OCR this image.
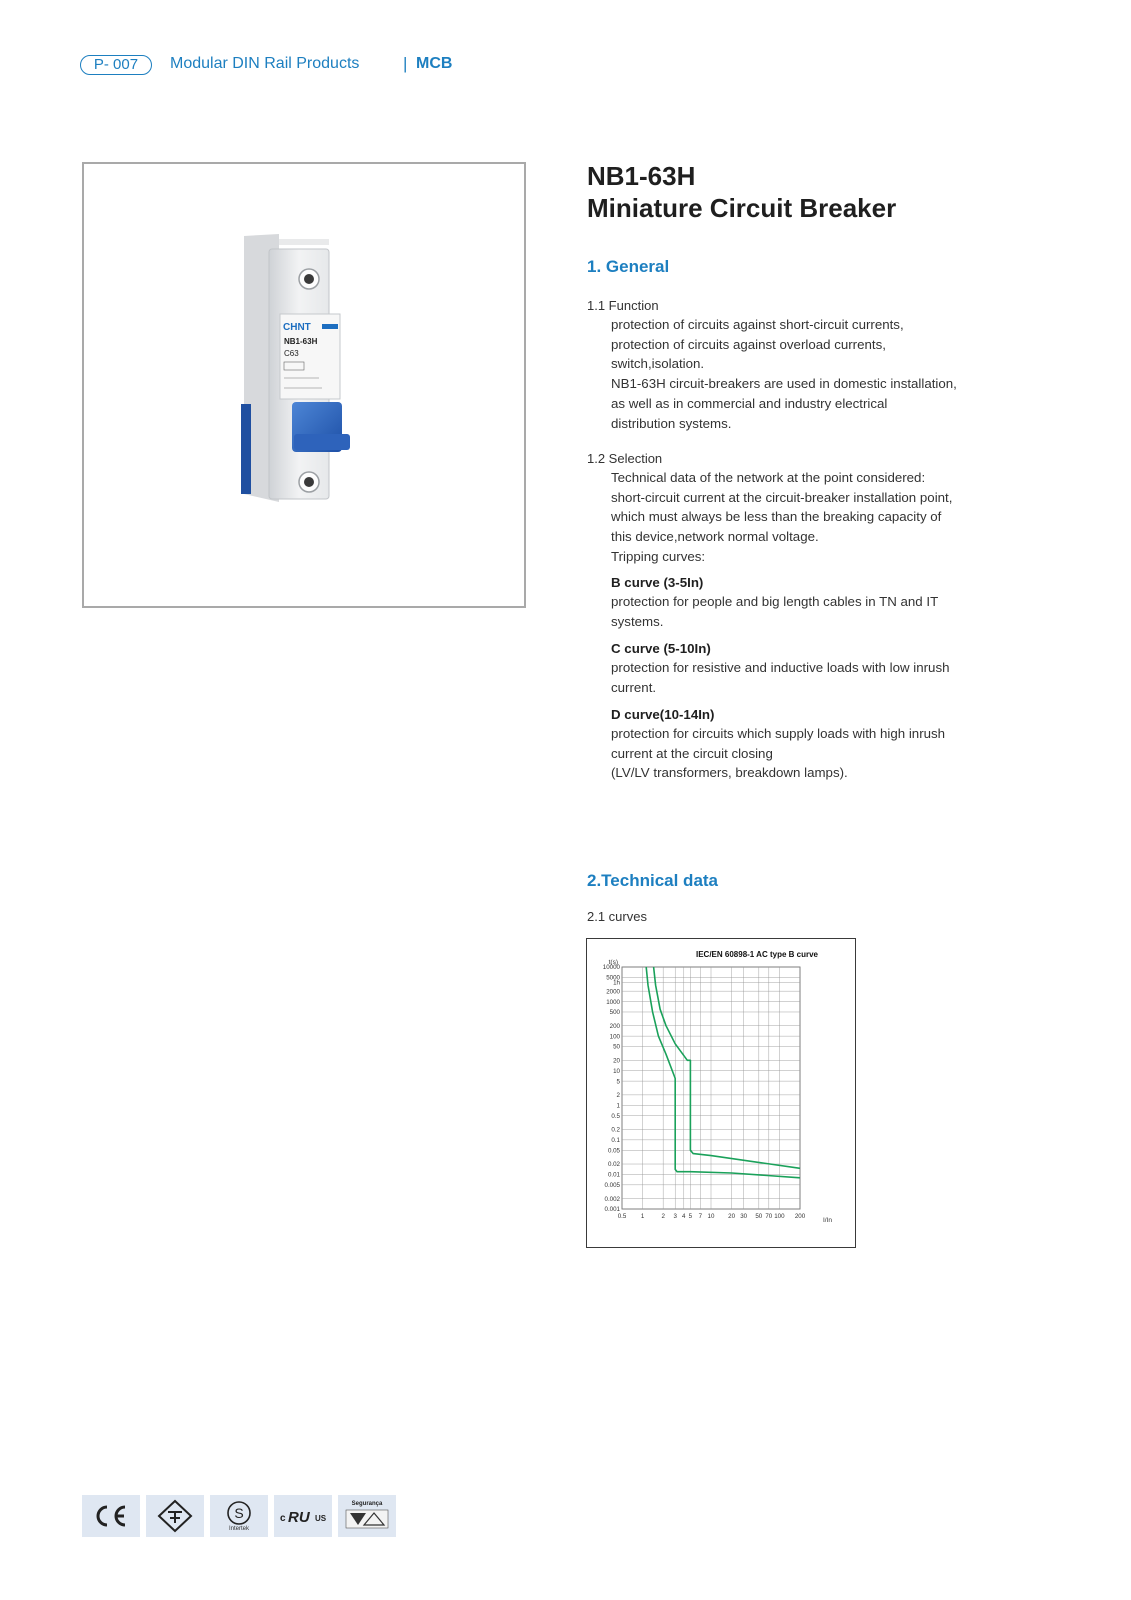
P- 007	Modular DIN Rail Products	| MCB
CHNT
NB1-63H
C63
NB1-63H
Miniature Circuit Breaker
1. General
1.1 Function
protection of circuits against short-circuit currents,
protection of circuits against overload currents,
switch,isolation.
NB1-63H circuit-breakers are used in domestic installation,
as well as in commercial and industry electrical
distribution systems.
1.2 Selection
Technical data of the network at the point considered:
short-circuit current at the circuit-breaker installation point,
which must always be less than the breaking capacity of
this device,network normal voltage.
Tripping curves:
B curve (3-5In)
protection for people and big length cables in TN and IT
systems.
C curve (5-10In)
protection for resistive and inductive loads with low inrush
current.
D curve(10-14In)
protection for circuits which supply loads with high inrush
current at the circuit closing
(LV/LV transformers, breakdown lamps).
2.Technical data
2.1 curves
IEC/EN 60898-1 AC type B curve
t(s)
I/In
10000
5000
1h
2000
1000
500
200
100
50
20
10
5
2
1
0.5
0.2
0.1
0.05
0.02
0.01
0.005
0.002
0.001
0.5 1	2 3 4 5 7 10 20 30 50 70 100 200
S
Intertek
c RU US
Segurança
